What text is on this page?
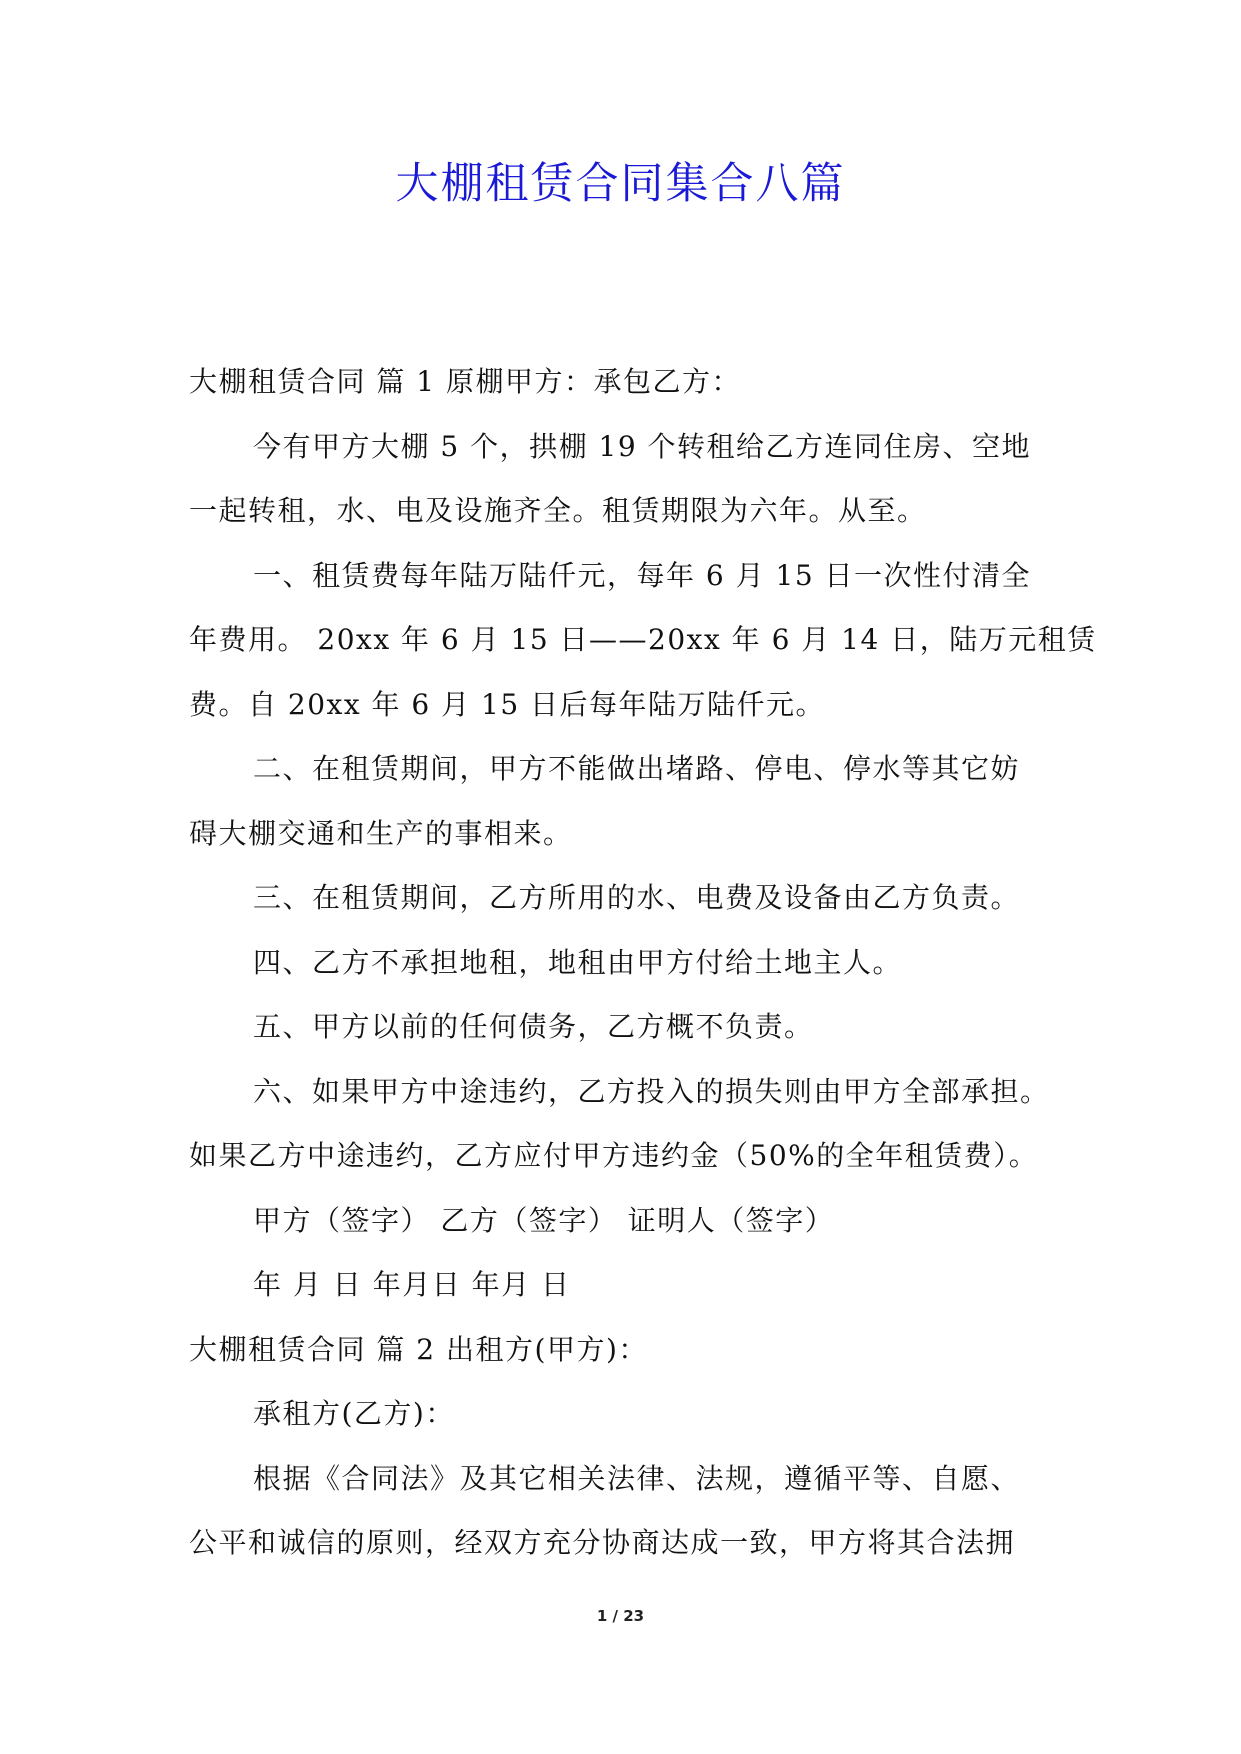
大棚租赁合同集合八篇
大棚租赁合同 篇 1 原棚甲方：承包乙方：
今有甲方大棚 5 个，拱棚 19 个转租给乙方连同住房、空地
一起转租，水、电及设施齐全。租赁期限为六年。从至。
一、租赁费每年陆万陆仟元，每年 6 月 15 日一次性付清全
年费用。 20xx 年 6 月 15 日——20xx 年 6 月 14 日，陆万元租赁
费。自 20xx 年 6 月 15 日后每年陆万陆仟元。
二、在租赁期间，甲方不能做出堵路、停电、停水等其它妨
碍大棚交通和生产的事相来。
三、在租赁期间，乙方所用的水、电费及设备由乙方负责。
四、乙方不承担地租，地租由甲方付给土地主人。
五、甲方以前的任何债务，乙方概不负责。
六、如果甲方中途违约，乙方投入的损失则由甲方全部承担。
如果乙方中途违约，乙方应付甲方违约金（50%的全年租赁费）。
甲方（签字） 乙方（签字） 证明人（签字）
年 月 日 年月日 年月 日
大棚租赁合同 篇 2 出租方(甲方)：
承租方(乙方)：
根据《合同法》及其它相关法律、法规，遵循平等、自愿、
公平和诚信的原则，经双方充分协商达成一致，甲方将其合法拥
1 / 23
